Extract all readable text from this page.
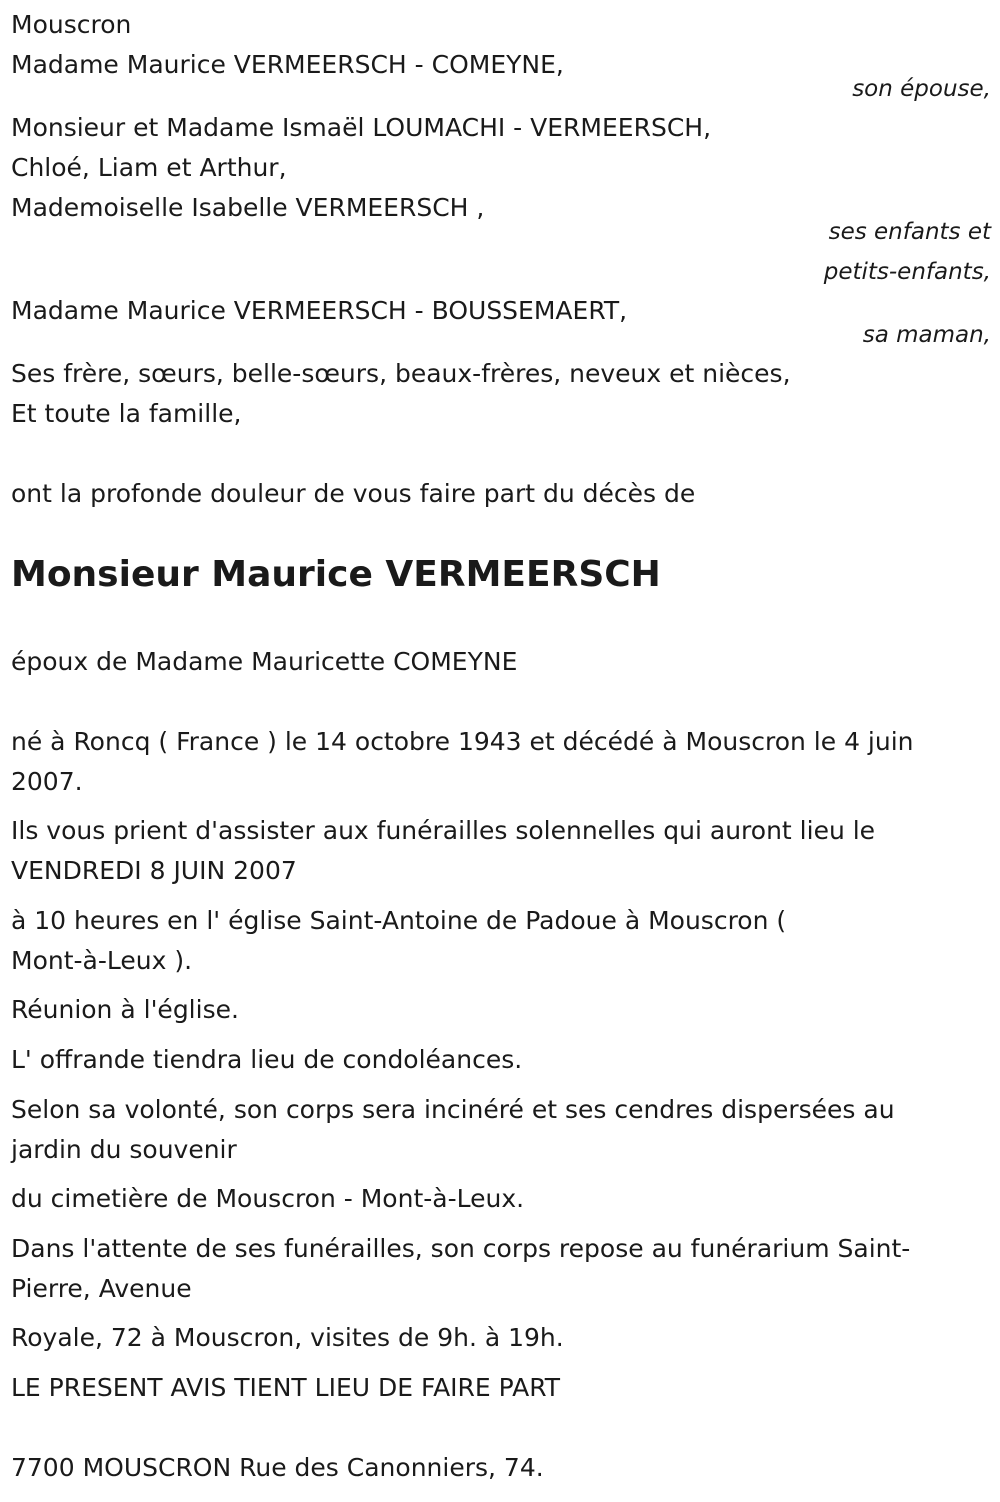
Mouscron
Madame Maurice VERMEERSCH - COMEYNE,
son épouse,
Monsieur et Madame Ismaël LOUMACHI - VERMEERSCH,
Chloé, Liam et Arthur,
Mademoiselle Isabelle VERMEERSCH ,
ses enfants et
petits-enfants,
Madame Maurice VERMEERSCH - BOUSSEMAERT,
sa maman,
Ses frère, sœurs, belle-sœurs, beaux-frères, neveux et nièces,
Et toute la famille,
ont la profonde douleur de vous faire part du décès de
Monsieur Maurice VERMEERSCH
époux de Madame Mauricette COMEYNE
né à Roncq ( France ) le 14 octobre 1943 et décédé à Mouscron le 4 juin
2007.
Ils vous prient d'assister aux funérailles solennelles qui auront lieu le
VENDREDI 8 JUIN 2007
à 10 heures en l' église Saint-Antoine de Padoue à Mouscron (
Mont-à-Leux ).
Réunion à l'église.
L' offrande tiendra lieu de condoléances.
Selon sa volonté, son corps sera incinéré et ses cendres dispersées au
jardin du souvenir
du cimetière de Mouscron - Mont-à-Leux.
Dans l'attente de ses funérailles, son corps repose au funérarium Saint-
Pierre, Avenue
Royale, 72 à Mouscron, visites de 9h. à 19h.
LE PRESENT AVIS TIENT LIEU DE FAIRE PART
7700 MOUSCRON Rue des Canonniers, 74.
